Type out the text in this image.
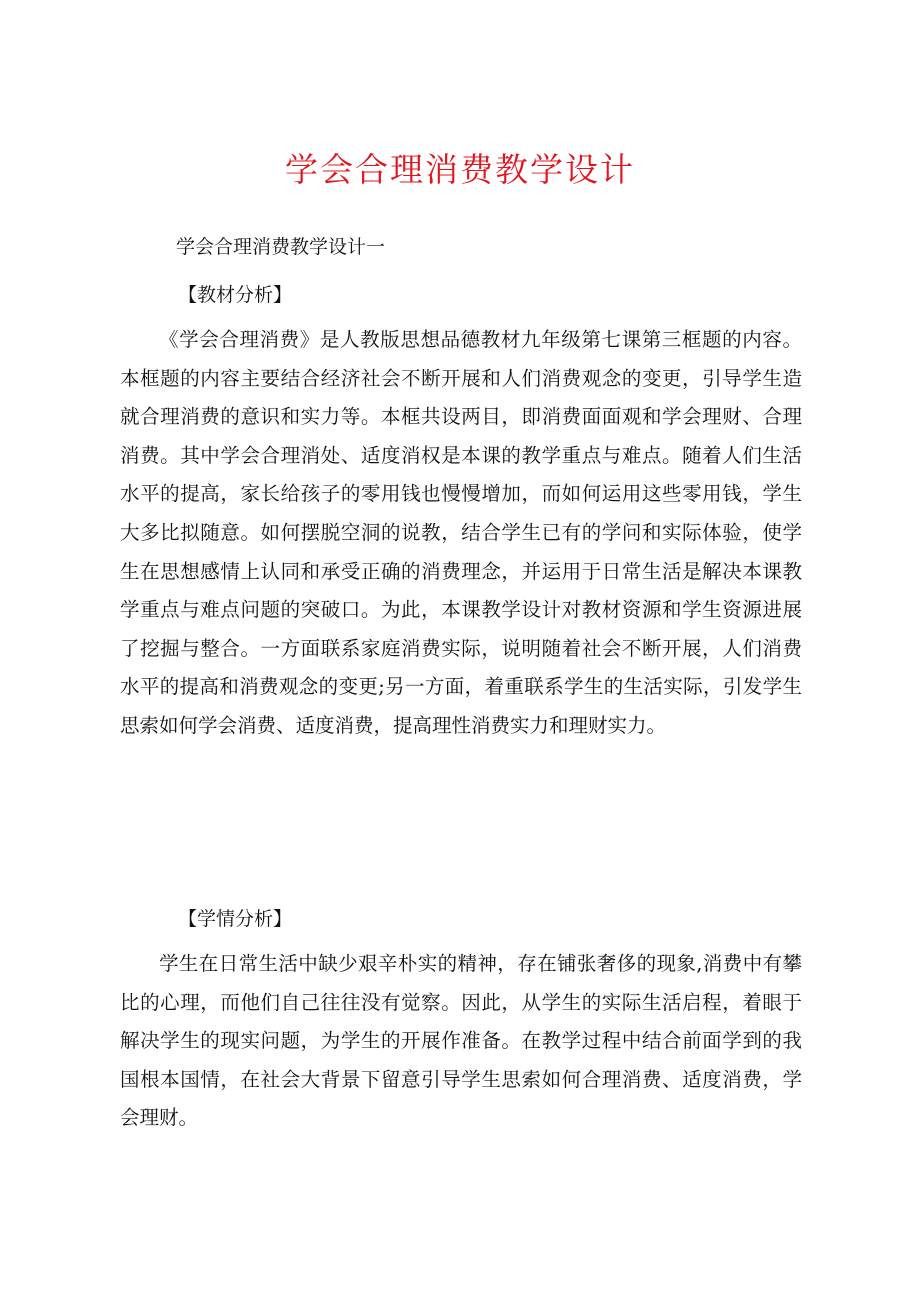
学会合理消费教学设计

学会合理消费教学设计一

【教材分析】

《学会合理消费》是人教版思想品德教材九年级第七课第三框题的内容。本框题的内容主要结合经济社会不断开展和人们消费观念的变更，引导学生造就合理消费的意识和实力等。本框共设两目，即消费面面观和学会理财、合理消费。其中学会合理消处、适度消权是本课的教学重点与难点。随着人们生活水平的提高，家长给孩子的零用钱也慢慢增加，而如何运用这些零用钱，学生大多比拟随意。如何摆脱空洞的说教，结合学生已有的学问和实际体验，使学生在思想感情上认同和承受正确的消费理念，并运用于日常生活是解决本课教学重点与难点问题的突破口。为此，本课教学设计对教材资源和学生资源进展了挖掘与整合。一方面联系家庭消费实际，说明随着社会不断开展，人们消费水平的提高和消费观念的变更;另一方面，着重联系学生的生活实际，引发学生思索如何学会消费、适度消费，提高理性消费实力和理财实力。

【学情分析】

学生在日常生活中缺少艰辛朴实的精神，存在铺张奢侈的现象,消费中有攀比的心理，而他们自己往往没有觉察。因此，从学生的实际生活启程，着眼于解决学生的现实问题，为学生的开展作准备。在教学过程中结合前面学到的我国根本国情，在社会大背景下留意引导学生思索如何合理消费、适度消费，学会理财。
